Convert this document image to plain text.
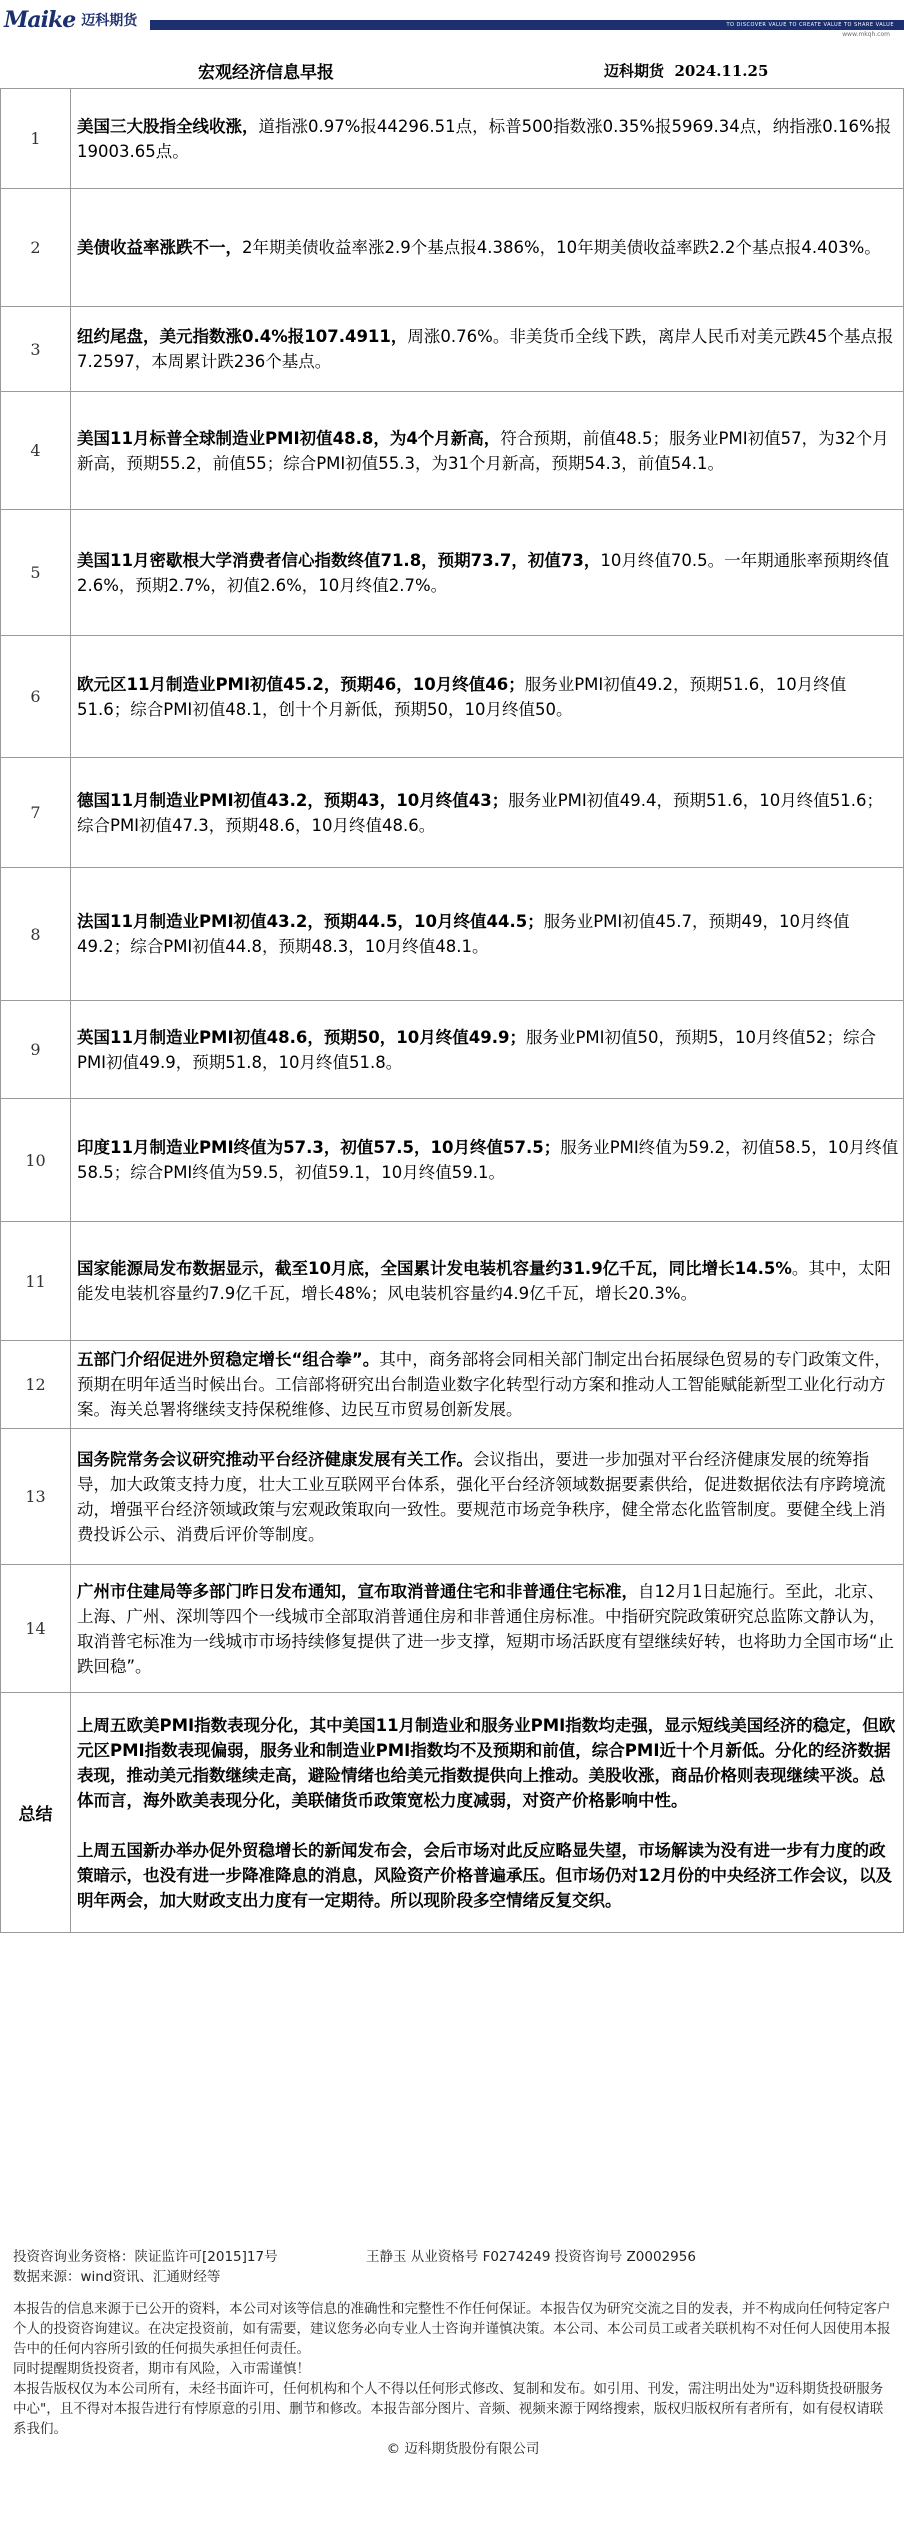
Maike 迈科期货	TO DISCOVER VALUE TO CREATE VALUE TO SHARE VALUE
www.mkqh.com
宏观经济信息早报	迈科期货  2024.11.25
1	美国三大股指全线收涨，道指涨0.97%报44296.51点，标普500指数涨0.35%报5969.34点，纳指涨0.16%报19003.65点。
2	美债收益率涨跌不一，2年期美债收益率涨2.9个基点报4.386%，10年期美债收益率跌2.2个基点报4.403%。
3	纽约尾盘，美元指数涨0.4%报107.4911，周涨0.76%。非美货币全线下跌，离岸人民币对美元跌45个基点报7.2597，本周累计跌236个基点。
4	美国11月标普全球制造业PMI初值48.8，为4个月新高，符合预期，前值48.5；服务业PMI初值57，为32个月新高，预期55.2，前值55；综合PMI初值55.3，为31个月新高，预期54.3，前值54.1。
5	美国11月密歇根大学消费者信心指数终值71.8，预期73.7，初值73，10月终值70.5。一年期通胀率预期终值2.6%，预期2.7%，初值2.6%，10月终值2.7%。
6	欧元区11月制造业PMI初值45.2，预期46，10月终值46；服务业PMI初值49.2，预期51.6，10月终值51.6；综合PMI初值48.1，创十个月新低，预期50，10月终值50。
7	德国11月制造业PMI初值43.2，预期43，10月终值43；服务业PMI初值49.4，预期51.6，10月终值51.6；综合PMI初值47.3，预期48.6，10月终值48.6。
8	法国11月制造业PMI初值43.2，预期44.5，10月终值44.5；服务业PMI初值45.7，预期49，10月终值49.2；综合PMI初值44.8，预期48.3，10月终值48.1。
9	英国11月制造业PMI初值48.6，预期50，10月终值49.9；服务业PMI初值50，预期5，10月终值52；综合PMI初值49.9，预期51.8，10月终值51.8。
10	印度11月制造业PMI终值为57.3，初值57.5，10月终值57.5；服务业PMI终值为59.2，初值58.5，10月终值58.5；综合PMI终值为59.5，初值59.1，10月终值59.1。
11	国家能源局发布数据显示，截至10月底，全国累计发电装机容量约31.9亿千瓦，同比增长14.5%。其中，太阳能发电装机容量约7.9亿千瓦，增长48%；风电装机容量约4.9亿千瓦，增长20.3%。
12	五部门介绍促进外贸稳定增长“组合拳”。其中，商务部将会同相关部门制定出台拓展绿色贸易的专门政策文件，预期在明年适当时候出台。工信部将研究出台制造业数字化转型行动方案和推动人工智能赋能新型工业化行动方案。海关总署将继续支持保税维修、边民互市贸易创新发展。
13	国务院常务会议研究推动平台经济健康发展有关工作。会议指出，要进一步加强对平台经济健康发展的统筹指导，加大政策支持力度，壮大工业互联网平台体系，强化平台经济领域数据要素供给，促进数据依法有序跨境流动，增强平台经济领域政策与宏观政策取向一致性。要规范市场竞争秩序，健全常态化监管制度。要健全线上消费投诉公示、消费后评价等制度。
14	广州市住建局等多部门昨日发布通知，宣布取消普通住宅和非普通住宅标准，自12月1日起施行。至此，北京、上海、广州、深圳等四个一线城市全部取消普通住房和非普通住房标准。中指研究院政策研究总监陈文静认为，取消普宅标准为一线城市市场持续修复提供了进一步支撑，短期市场活跃度有望继续好转，也将助力全国市场“止跌回稳”。
总结	上周五欧美PMI指数表现分化，其中美国11月制造业和服务业PMI指数均走强，显示短线美国经济的稳定，但欧元区PMI指数表现偏弱，服务业和制造业PMI指数均不及预期和前值，综合PMI近十个月新低。分化的经济数据表现，推动美元指数继续走高，避险情绪也给美元指数提供向上推动。美股收涨，商品价格则表现继续平淡。总体而言，海外欧美表现分化，美联储货币政策宽松力度减弱，对资产价格影响中性。

上周五国新办举办促外贸稳增长的新闻发布会，会后市场对此反应略显失望，市场解读为没有进一步有力度的政策暗示，也没有进一步降准降息的消息，风险资产价格普遍承压。但市场仍对12月份的中央经济工作会议，以及明年两会，加大财政支出力度有一定期待。所以现阶段多空情绪反复交织。

投资咨询业务资格：陕证监许可[2015]17号	王静玉 从业资格号 F0274249 投资咨询号 Z0002956
数据来源：wind资讯、汇通财经等
本报告的信息来源于已公开的资料，本公司对该等信息的准确性和完整性不作任何保证。本报告仅为研究交流之目的发表，并不构成向任何特定客户个人的投资咨询建议。在决定投资前，如有需要，建议您务必向专业人士咨询并谨慎决策。本公司、本公司员工或者关联机构不对任何人因使用本报告中的任何内容所引致的任何损失承担任何责任。
同时提醒期货投资者，期市有风险，入市需谨慎！
本报告版权仅为本公司所有，未经书面许可，任何机构和个人不得以任何形式修改、复制和发布。如引用、刊发，需注明出处为"迈科期货投研服务中心"，且不得对本报告进行有悖原意的引用、删节和修改。本报告部分图片、音频、视频来源于网络搜索，版权归版权所有者所有，如有侵权请联系我们。
© 迈科期货股份有限公司
